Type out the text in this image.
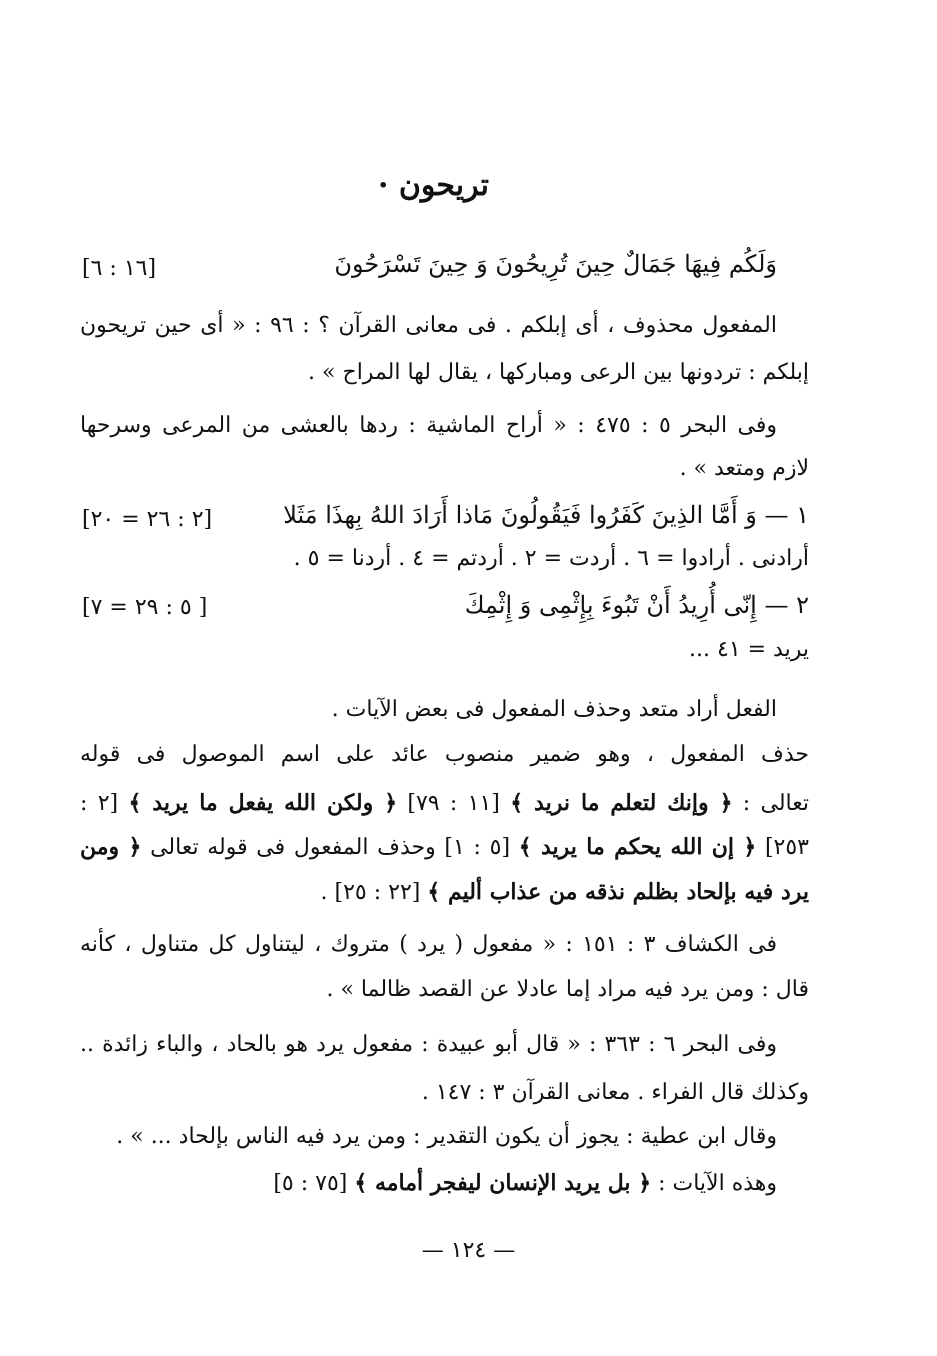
تريحون ·
وَلَكُم فِيهَا جَمَالٌ حِينَ تُرِيحُونَ وَ حِينَ تَسْرَحُونَ
[١٦ : ٦]
المفعول محذوف ، أى إبلكم . فى معانى القرآن ؟ : ٩٦ : « أى حين تريحون
إبلكم : تردونها بين الرعى ومباركها ، يقال لها المراح » .
وفى البحر ٥ : ٤٧٥ : « أراح الماشية : ردها بالعشى من المرعى وسرحها
لازم ومتعد » .
١ — وَ أَمَّا الذِينَ كَفَرُوا فَيَقُولُونَ مَاذا أَرَادَ اللهُ بِهذَا مَثَلا
[٢ : ٢٦ = ٢٠]
أرادنى . أرادوا = ٦ . أردت = ٢ . أردتم = ٤ . أردنا = ٥ .
٢ — إِنّى أُرِيدُ أَنْ تَبُوءَ بِإِثْمِى وَ إِثْمِكَ
[٥ : ٢٩ = ٧ ]
يريد = ٤١ ...
الفعل أراد متعد وحذف المفعول فى بعض الآيات .
حذف المفعول ، وهو ضمير منصوب عائد على اسم الموصول فى قوله
تعالى : ﴿ وإنك لتعلم ما نريد ﴾ [١١ : ٧٩] ﴿ ولكن الله يفعل ما يريد ﴾ [٢ :
٢٥٣] ﴿ إن الله يحكم ما يريد ﴾ [٥ : ١] وحذف المفعول فى قوله تعالى ﴿ ومن
يرد فيه بإلحاد بظلم نذقه من عذاب أليم ﴾ [٢٢ : ٢٥] .
فى الكشاف ٣ : ١٥١ : « مفعول ( يرد ) متروك ، ليتناول كل متناول ، كأنه
قال : ومن يرد فيه مراد إما عادلا عن القصد ظالما » .
وفى البحر ٦ : ٣٦٣ : « قال أبو عبيدة : مفعول يرد هو بالحاد ، والباء زائدة ..
وكذلك قال الفراء . معانى القرآن ٣ : ١٤٧ .
وقال ابن عطية : يجوز أن يكون التقدير : ومن يرد فيه الناس بإلحاد ... » .
وهذه الآيات : ﴿ بل يريد الإنسان ليفجر أمامه ﴾ [٧٥ : ٥]
— ١٢٤ —
